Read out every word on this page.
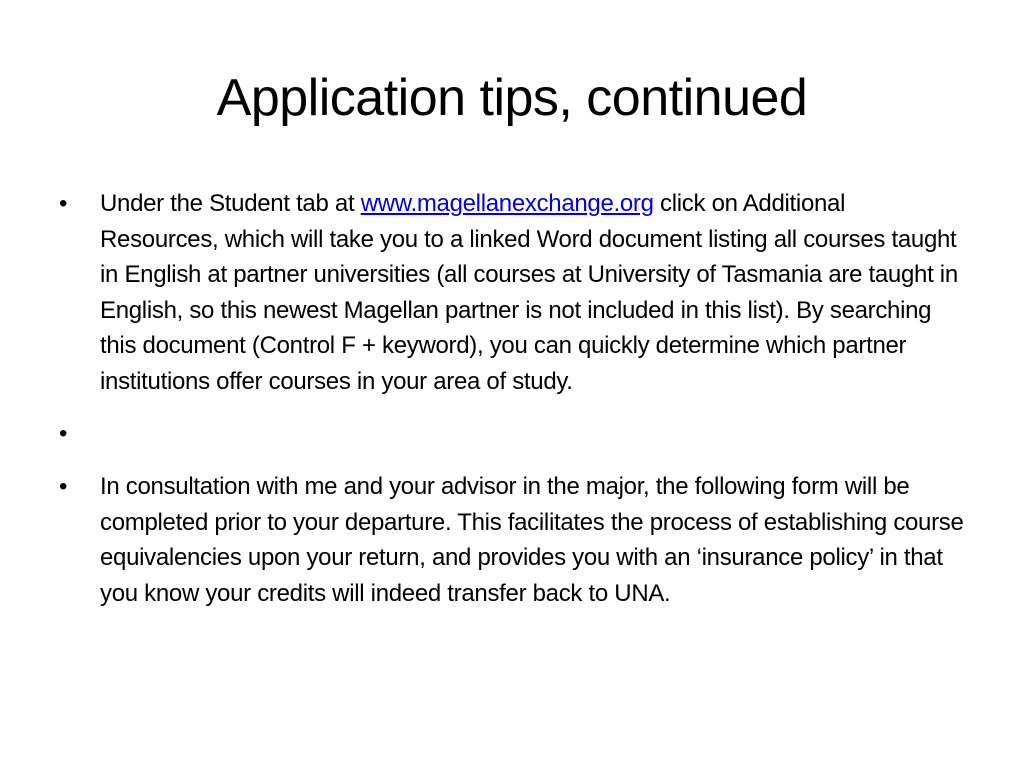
Application tips, continued
• Under the Student tab at www.magellanexchange.org click on Additional Resources, which will take you to a linked Word document listing all courses taught in English at partner universities (all courses at University of Tasmania are taught in English, so this newest Magellan partner is not included in this list). By searching this document (Control F + keyword), you can quickly determine which partner institutions offer courses in your area of study.
•
• In consultation with me and your advisor in the major, the following form will be completed prior to your departure. This facilitates the process of establishing course equivalencies upon your return, and provides you with an ‘insurance policy’ in that you know your credits will indeed transfer back to UNA.
